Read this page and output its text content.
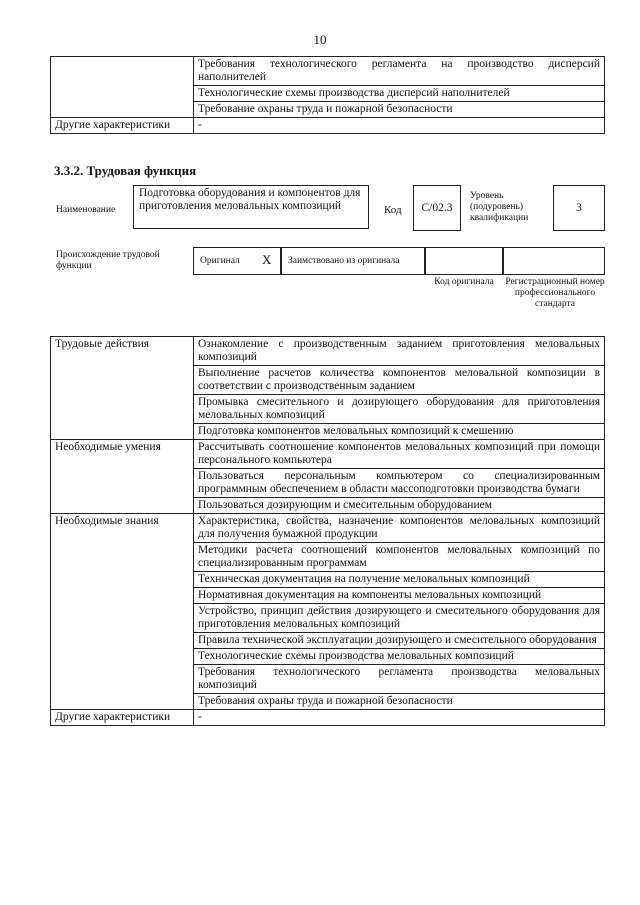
10
	Требования технологического регламента на производство дисперсий наполнителей
	Технологические схемы производства дисперсий наполнителей
	Требование охраны труда и пожарной безопасности
Другие характеристики	-
3.3.2. Трудовая функция
Наименование
Подготовка оборудования и компонентов для приготовления меловальных композиций	Код	С/02.3
Уровень (подуровень) квалификации
3
Происхождение трудовой функции	Оригинал X Заимствовано из оригинала
Код оригинала Регистрационный номер профессионального стандарта
Трудовые действия	Ознакомление с производственным заданием приготовления меловальных композиций
	Выполнение расчетов количества компонентов меловальной композиции в соответствии с производственным заданием
	Промывка смесительного и дозирующего оборудования для приготовления меловальных композиций
	Подготовка компонентов меловальных композиций к смешению
Необходимые умения	Рассчитывать соотношение компонентов меловальных композиций при помощи персонального компьютера
	Пользоваться персональным компьютером со специализированным программным обеспечением в области массоподготовки производства бумаги
	Пользоваться дозирующим и смесительным оборудованием
Необходимые знания	Характеристика, свойства, назначение компонентов меловальных композиций для получения бумажной продукции
	Методики расчета соотношений компонентов меловальных композиций по специализированным программам
	Техническая документация на получение меловальных композиций
	Нормативная документация на компоненты меловальных композиций
	Устройство, принцип действия дозирующего и смесительного оборудования для приготовления меловальных композиций
	Правила технической эксплуатации дозирующего и смесительного оборудования
	Технологические схемы производства меловальных композиций
	Требования технологического регламента производства меловальных композиций
	Требования охраны труда и пожарной безопасности
Другие характеристики	-
